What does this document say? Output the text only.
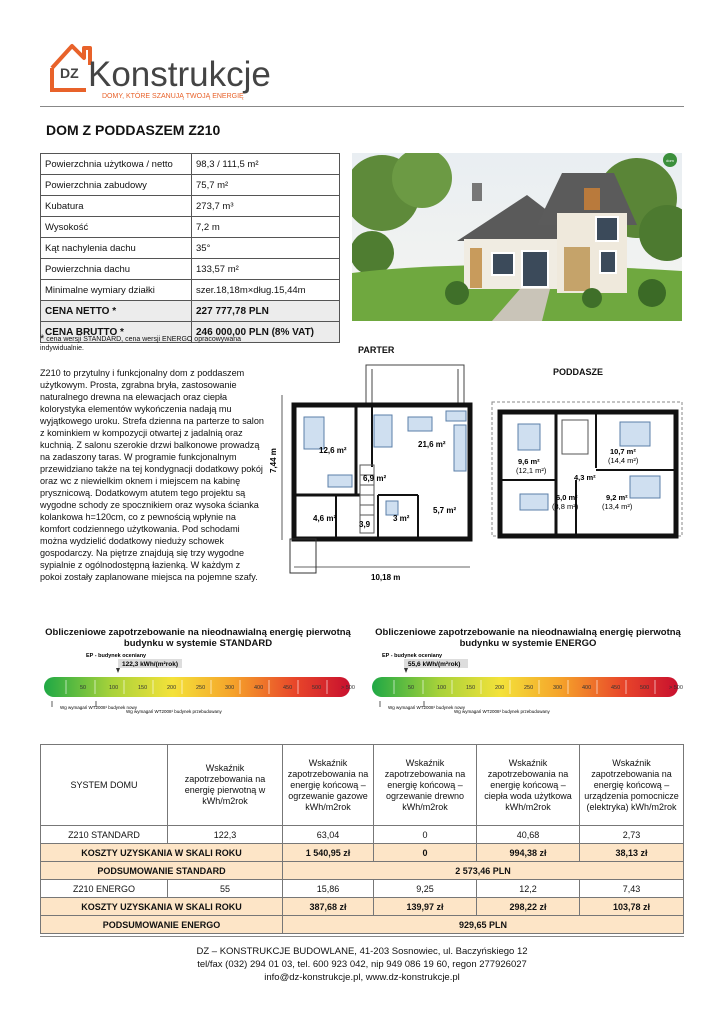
DZ Konstrukcje
DOMY, KTÓRE SZANUJĄ TWOJĄ ENERGIĘ
DOM Z PODDASZEM Z210
Powierzchnia użytkowa / netto	98,3 / 111,5 m²
Powierzchnia zabudowy	75,7 m²
Kubatura	273,7 m³
Wysokość	7,2 m
Kąt nachylenia dachu	35°
Powierzchnia dachu	133,57 m²
Minimalne wymiary działki	szer.18,18m×dług.15,44m
CENA NETTO *	227 777,78 PLN
CENA BRUTTO *	246 000,00 PLN (8% VAT)
* cena wersji STANDARD, cena wersji ENERGO opracowywana indywidualnie.
Z210 to przytulny i funkcjonalny dom z poddaszem użytkowym. Prosta, zgrabna bryła, zastosowanie naturalnego drewna na elewacjach oraz ciepła kolorystyka elementów wykończenia nadają mu wyjątkowego uroku. Strefa dzienna na parterze to salon z kominkiem w kompozycji otwartej z jadalnią oraz kuchnią. Z salonu szerokie drzwi balkonowe prowadzą na zadaszony taras. W programie funkcjonalnym przewidziano także na tej kondygnacji dodatkowy pokój oraz wc z niewielkim oknem i miejscem na kabinę prysznicową. Dodatkowym atutem tego projektu są wygodne schody ze spocznikiem oraz wysoka ścianka kolankowa h=120cm, co z pewnością wpłynie na komfort codziennego użytkowania. Pod schodami można wydzielić dodatkowy nieduży schowek gospodarczy. Na piętrze znajdują się trzy wygodne sypialnie z ogólnodostępną łazienką. W każdym z pokoi zostały zaplanowane miejsca na pojemne szafy.
dom
PARTER
7,44 m	12,6 m²
21,6 m²
6,9 m²
4,6 m²
3,9
3 m²
5,7 m²
10,18 m
PODDASZE
9,6 m²
(12,1 m²)
10,7 m²
(14,4 m²)
4,3 m²
6,0 m²
(8,8 m²)
9,2 m²
(13,4 m²)
Obliczeniowe zapotrzebowanie na nieodnawialną energię pierwotną budynku w systemie STANDARD
EP - budynek oceniany
122,3 kWh/(m²rok)
50	100	150	200	250	300	400	450	500	> 500
Wg wymagań WT2008¹ budynek nowy
Wg wymagań WT2008¹ budynek przebudowany
Obliczeniowe zapotrzebowanie na nieodnawialną energię pierwotną budynku w systemie ENERGO
EP - budynek oceniany
55,6 kWh/(m²rok)
50	100	150	200	250	300	400	450	500	> 500
Wg wymagań WT2008¹ budynek nowy
Wg wymagań WT2008¹ budynek przebudowany
SYSTEM DOMU	Wskaźnik zapotrzebowania na energię pierwotną w kWh/m2rok	Wskaźnik zapotrzebowania na energię końcową – ogrzewanie gazowe kWh/m2rok	Wskaźnik zapotrzebowania na energię końcową – ogrzewanie drewno kWh/m2rok	Wskaźnik zapotrzebowania na energię końcową – ciepła woda użytkowa kWh/m2rok	Wskaźnik zapotrzebowania na energię końcową – urządzenia pomocnicze (elektryka) kWh/m2rok
Z210 STANDARD	122,3	63,04	0	40,68	2,73
KOSZTY UZYSKANIA W SKALI ROKU		1 540,95 zł	0	994,38 zł	38,13 zł
PODSUMOWANIE STANDARD		2 573,46 PLN			
Z210 ENERGO	55	15,86	9,25	12,2	7,43
KOSZTY UZYSKANIA W SKALI ROKU		387,68 zł	139,97 zł	298,22 zł	103,78 zł
PODSUMOWANIE ENERGO		929,65 PLN			
DZ – KONSTRUKCJE BUDOWLANE, 41-203 Sosnowiec, ul. Baczyńskiego 12
tel/fax (032) 294 01 03, tel. 600 923 042, nip 949 086 19 60, regon 277926027
info@dz-konstrukcje.pl, www.dz-konstrukcje.pl
